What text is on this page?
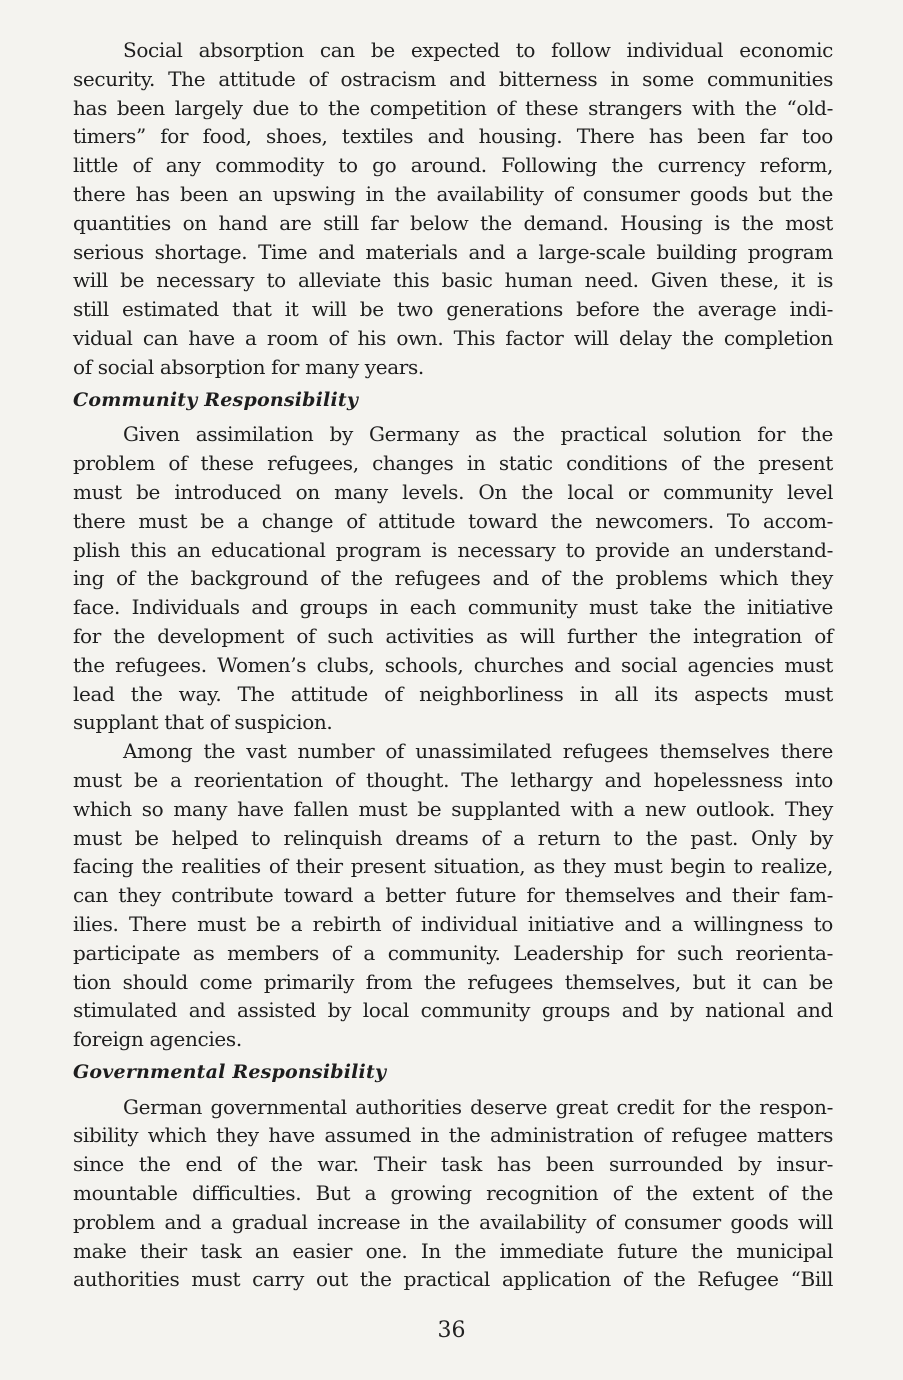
Social absorption can be expected to follow individual economic
security. The attitude of ostracism and bitterness in some communities
has been largely due to the competition of these strangers with the “old-
timers” for food, shoes, textiles and housing. There has been far too
little of any commodity to go around. Following the currency reform,
there has been an upswing in the availability of consumer goods but the
quantities on hand are still far below the demand. Housing is the most
serious shortage. Time and materials and a large-scale building program
will be necessary to alleviate this basic human need. Given these, it is
still estimated that it will be two generations before the average indi-
vidual can have a room of his own. This factor will delay the completion
of social absorption for many years.
Community Responsibility
Given assimilation by Germany as the practical solution for the
problem of these refugees, changes in static conditions of the present
must be introduced on many levels. On the local or community level
there must be a change of attitude toward the newcomers. To accom-
plish this an educational program is necessary to provide an understand-
ing of the background of the refugees and of the problems which they
face. Individuals and groups in each community must take the initiative
for the development of such activities as will further the integration of
the refugees. Women’s clubs, schools, churches and social agencies must
lead the way. The attitude of neighborliness in all its aspects must
supplant that of suspicion.
Among the vast number of unassimilated refugees themselves there
must be a reorientation of thought. The lethargy and hopelessness into
which so many have fallen must be supplanted with a new outlook. They
must be helped to relinquish dreams of a return to the past. Only by
facing the realities of their present situation, as they must begin to realize,
can they contribute toward a better future for themselves and their fam-
ilies. There must be a rebirth of individual initiative and a willingness to
participate as members of a community. Leadership for such reorienta-
tion should come primarily from the refugees themselves, but it can be
stimulated and assisted by local community groups and by national and
foreign agencies.
Governmental Responsibility
German governmental authorities deserve great credit for the respon-
sibility which they have assumed in the administration of refugee matters
since the end of the war. Their task has been surrounded by insur-
mountable difficulties. But a growing recognition of the extent of the
problem and a gradual increase in the availability of consumer goods will
make their task an easier one. In the immediate future the municipal
authorities must carry out the practical application of the Refugee “Bill
36
